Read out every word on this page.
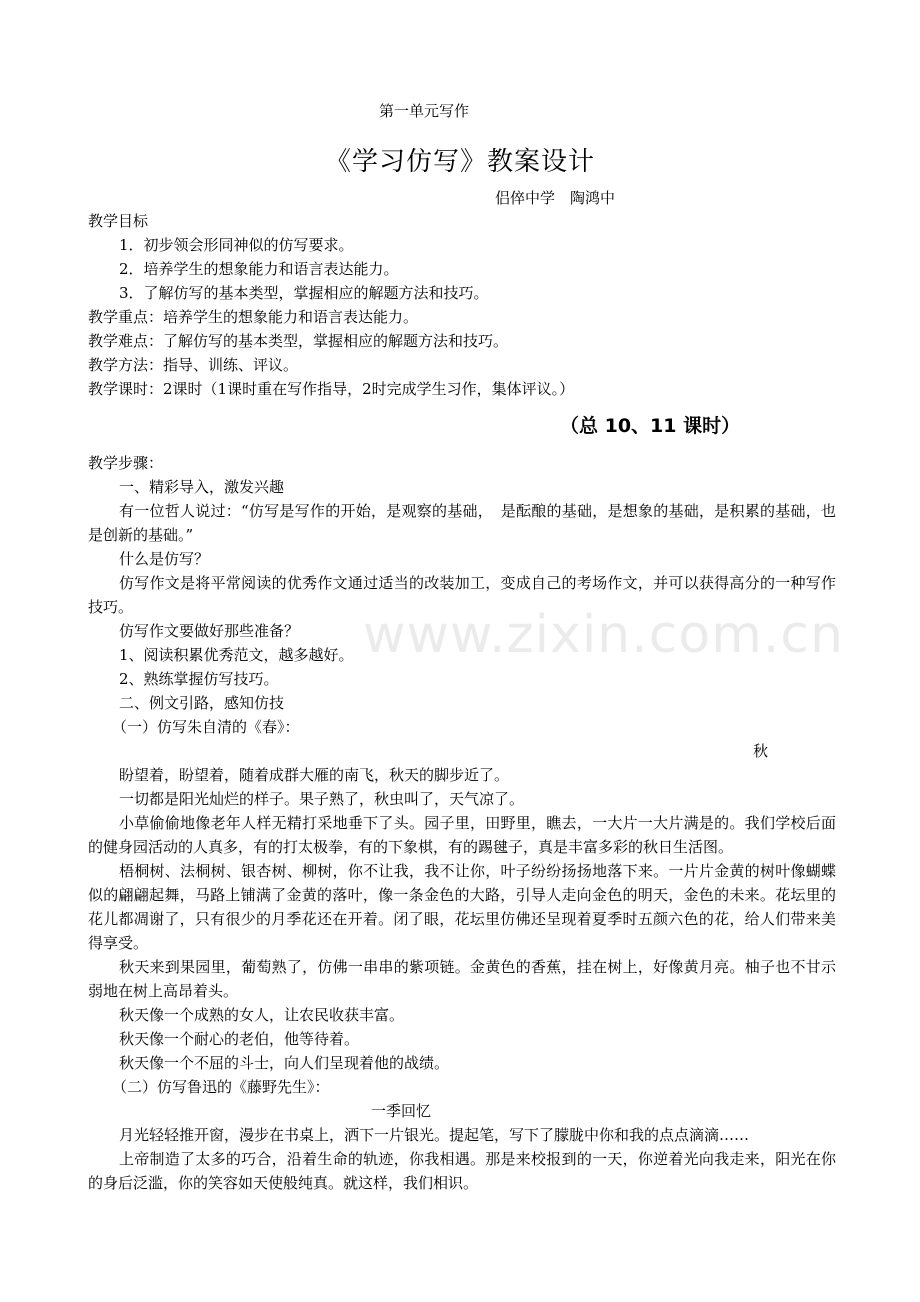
第一单元写作
《学习仿写》教案设计
侣倅中学　陶鸿中
教学目标
1．初步领会形同神似的仿写要求。
2．培养学生的想象能力和语言表达能力。
3．了解仿写的基本类型，掌握相应的解题方法和技巧。
教学重点：培养学生的想象能力和语言表达能力。
教学难点：了解仿写的基本类型，掌握相应的解题方法和技巧。
教学方法：指导、训练、评议。
教学课时：2课时（1课时重在写作指导，2时完成学生习作，集体评议。）
（总 10、11 课时）
教学步骤：
一、精彩导入，激发兴趣
有一位哲人说过：“仿写是写作的开始，是观察的基础，　是酝酿的基础，是想象的基础，是积累的基础，也是创新的基础。”
什么是仿写？
仿写作文是将平常阅读的优秀作文通过适当的改装加工，变成自己的考场作文，并可以获得高分的一种写作技巧。
仿写作文要做好那些准备？
1、阅读积累优秀范文，越多越好。
2、熟练掌握仿写技巧。
二、例文引路，感知仿技
（一）仿写朱自清的《春》：
秋
盼望着，盼望着，随着成群大雁的南飞，秋天的脚步近了。
一切都是阳光灿烂的样子。果子熟了，秋虫叫了，天气凉了。
小草偷偷地像老年人样无精打采地垂下了头。园子里，田野里，瞧去，一大片一大片满是的。我们学校后面的健身园活动的人真多，有的打太极拳，有的下象棋，有的踢毽子，真是丰富多彩的秋日生活图。
梧桐树、法桐树、银杏树、柳树，你不让我，我不让你，叶子纷纷扬扬地落下来。一片片金黄的树叶像蝴蝶似的翩翩起舞，马路上铺满了金黄的落叶，像一条金色的大路，引导人走向金色的明天，金色的未来。花坛里的花儿都凋谢了，只有很少的月季花还在开着。闭了眼，花坛里仿佛还呈现着夏季时五颜六色的花，给人们带来美得享受。
秋天来到果园里，葡萄熟了，仿佛一串串的紫项链。金黄色的香蕉，挂在树上，好像黄月亮。柚子也不甘示弱地在树上高昂着头。
秋天像一个成熟的女人，让农民收获丰富。
秋天像一个耐心的老伯，他等待着。
秋天像一个不屈的斗士，向人们呈现着他的战绩。
（二）仿写鲁迅的《藤野先生》：
一季回忆
月光轻轻推开窗，漫步在书桌上，洒下一片银光。提起笔，写下了朦胧中你和我的点点滴滴……
上帝制造了太多的巧合，沿着生命的轨迹，你我相遇。那是来校报到的一天，你逆着光向我走来，阳光在你的身后泛滥，你的笑容如天使般纯真。就这样，我们相识。
www.zixin.com.cn
